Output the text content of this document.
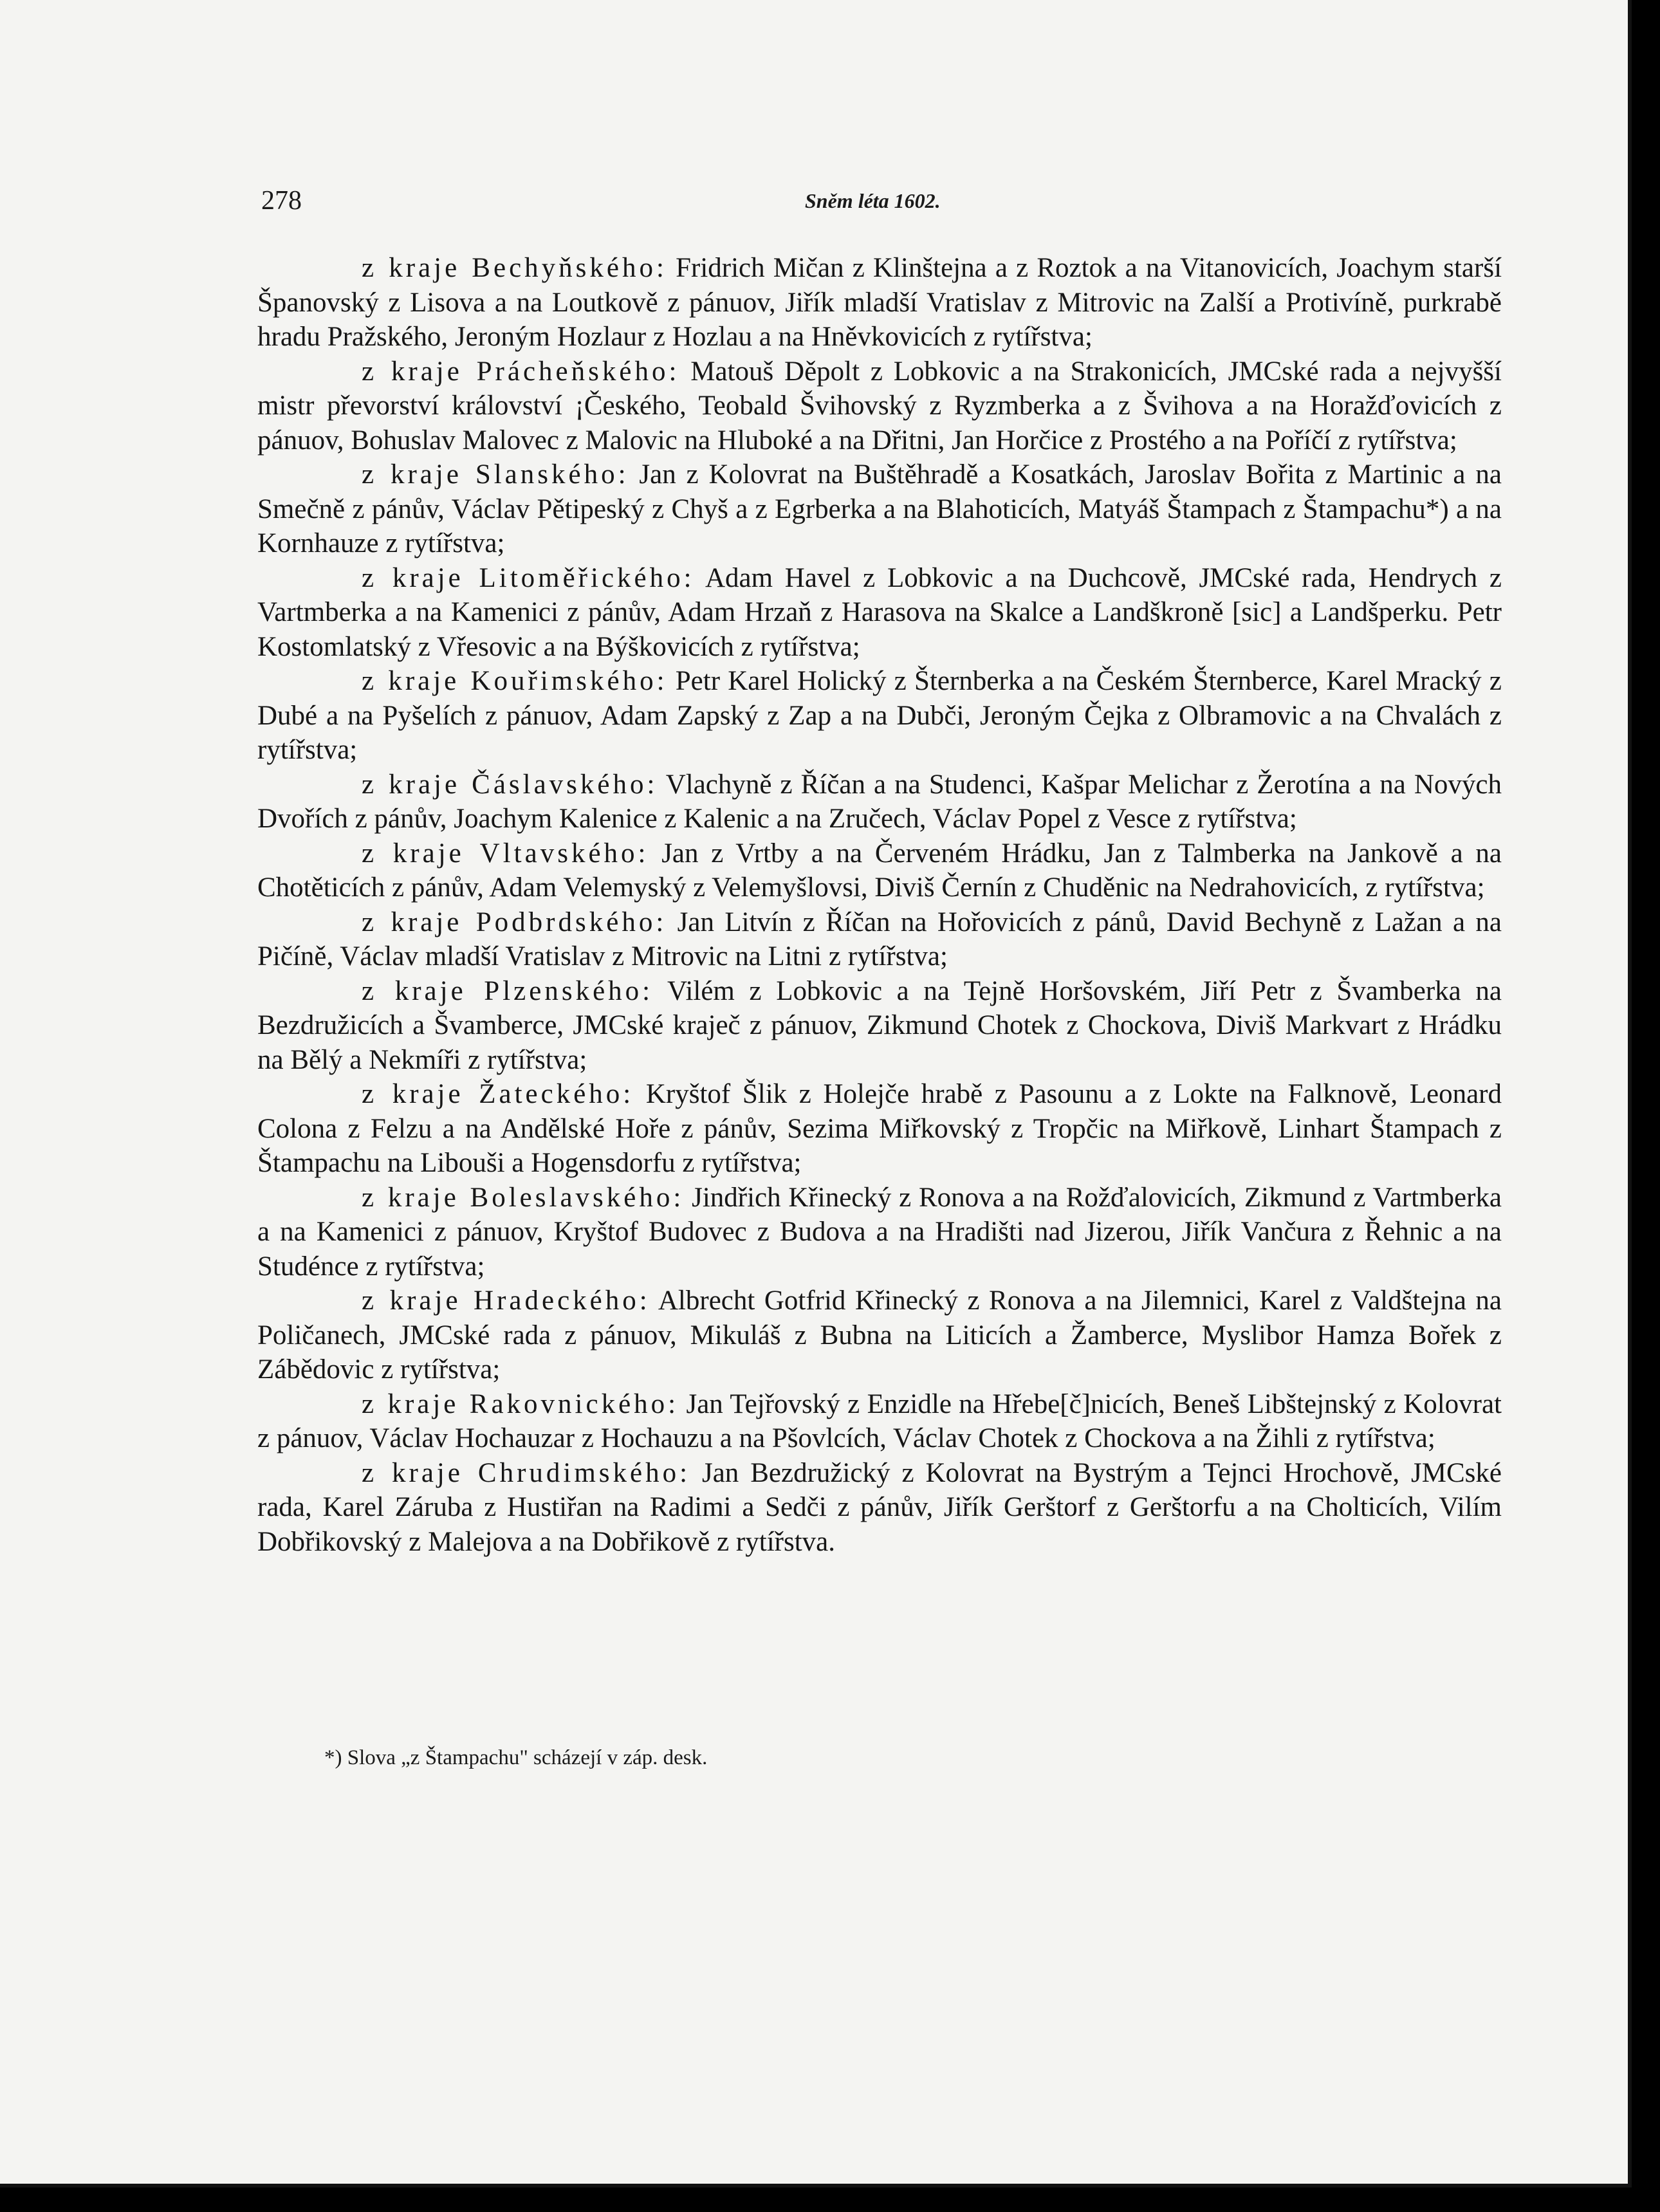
278	Sněm léta 1602.

z kraje Bechyňského: Fridrich Mičan z Klinštejna a z Roztok a na Vitanovicích, Joachym starší Španovský z Lisova a na Loutkově z pánuov, Jiřík mladší Vratislav z Mitrovic na Zalší a Protivíně, purkrabě hradu Pražského, Jeroným Hozlaur z Hozlau a na Hněvkovicích z rytířstva;

z kraje Prácheňského: Matouš Děpolt z Lobkovic a na Strakonicích, JMCské rada a nejvyšší mistr převorství království ¡Českého, Teobald Švihovský z Ryzmberka a z Švihova a na Horažďovicích z pánuov, Bohuslav Malovec z Malovic na Hluboké a na Dřitni, Jan Horčice z Prostého a na Poříčí z rytířstva;

z kraje Slanského: Jan z Kolovrat na Buštěhradě a Kosatkách, Jaroslav Bořita z Martinic a na Smečně z pánův, Václav Pětipeský z Chyš a z Egrberka a na Blahoticích, Matyáš Štampach z Štampachu*) a na Kornhauze z rytířstva;

z kraje Litoměřického: Adam Havel z Lobkovic a na Duchcově, JMCské rada, Hendrych z Vartmberka a na Kamenici z pánův, Adam Hrzaň z Harasova na Skalce a Landškroně [sic] a Landšperku. Petr Kostomlatský z Vřesovic a na Býškovicích z rytířstva;

z kraje Kouřimského: Petr Karel Holický z Šternberka a na Českém Šternberce, Karel Mracký z Dubé a na Pyšelích z pánuov, Adam Zapský z Zap a na Dubči, Jeroným Čejka z Olbramovic a na Chvalách z rytířstva;

z kraje Čáslavského: Vlachyně z Říčan a na Studenci, Kašpar Melichar z Žerotína a na Nových Dvořích z pánův, Joachym Kalenice z Kalenic a na Zručech, Václav Popel z Vesce z rytířstva;

z kraje Vltavského: Jan z Vrtby a na Červeném Hrádku, Jan z Talmberka na Jankově a na Chotěticích z pánův, Adam Velemyský z Velemyšlovsi, Diviš Černín z Chuděnic na Nedrahovicích, z rytířstva;

z kraje Podbrdského: Jan Litvín z Říčan na Hořovicích z pánů, David Bechyně z Lažan a na Pičíně, Václav mladší Vratislav z Mitrovic na Litni z rytířstva;

z kraje Plzenského: Vilém z Lobkovic a na Tejně Horšovském, Jiří Petr z Švamberka na Bezdružicích a Švamberce, JMCské kraječ z pánuov, Zikmund Chotek z Chockova, Diviš Markvart z Hrádku na Bělý a Nekmíři z rytířstva;

z kraje Žateckého: Kryštof Šlik z Holejče hrabě z Pasounu a z Lokte na Falknově, Leonard Colona z Felzu a na Andělské Hoře z pánův, Sezima Miřkovský z Tropčic na Miřkově, Linhart Štampach z Štampachu na Libouši a Hogensdorfu z rytířstva;

z kraje Boleslavského: Jindřich Křinecký z Ronova a na Rožďalovicích, Zikmund z Vartmberka a na Kamenici z pánuov, Kryštof Budovec z Budova a na Hradišti nad Jizerou, Jiřík Vančura z Řehnic a na Studénce z rytířstva;

z kraje Hradeckého: Albrecht Gotfrid Křinecký z Ronova a na Jilemnici, Karel z Valdštejna na Poličanech, JMCské rada z pánuov, Mikuláš z Bubna na Liticích a Žamberce, Myslibor Hamza Bořek z Zábědovic z rytířstva;

z kraje Rakovnického: Jan Tejřovský z Enzidle na Hřebe[č]nicích, Beneš Libštejnský z Kolovrat z pánuov, Václav Hochauzar z Hochauzu a na Pšovlcích, Václav Chotek z Chockova a na Žihli z rytířstva;

z kraje Chrudimského: Jan Bezdružický z Kolovrat na Bystrým a Tejnci Hrochově, JMCské rada, Karel Záruba z Hustiřan na Radimi a Sedči z pánův, Jiřík Gerštorf z Gerštorfu a na Cholticích, Vilím Dobřikovský z Malejova a na Dobřikově z rytířstva.

*) Slova „z Štampachu" scházejí v záp. desk.
